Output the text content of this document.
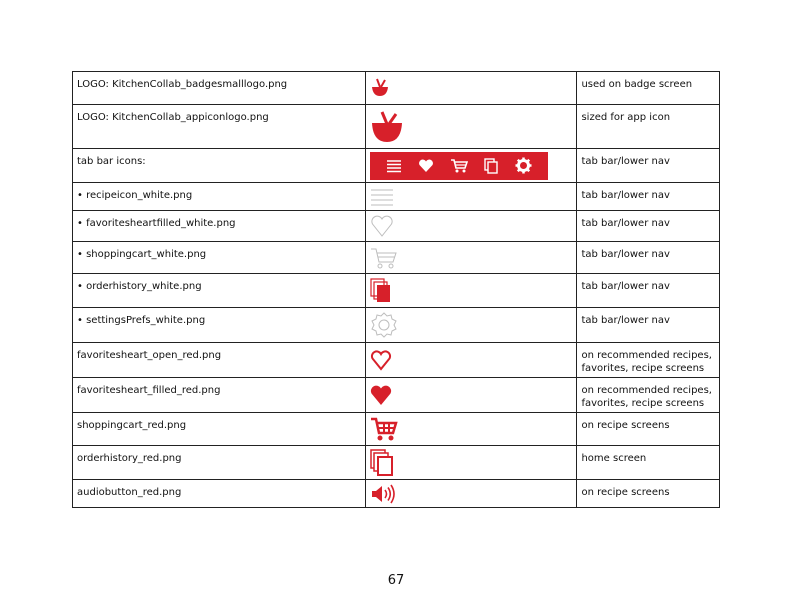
LOGO: KitchenCollab_badgesmalllogo.png		used on badge screen
LOGO: KitchenCollab_appiconlogo.png		sized for app icon
tab bar icons:		tab bar/lower nav
• recipeicon_white.png		tab bar/lower nav
• favoritesheartfilled_white.png		tab bar/lower nav
• shoppingcart_white.png		tab bar/lower nav
• orderhistory_white.png		tab bar/lower nav
• settingsPrefs_white.png		tab bar/lower nav
favoritesheart_open_red.png		on recommended recipes, favorites, recipe screens
favoritesheart_filled_red.png		on recommended recipes, favorites, recipe screens
shoppingcart_red.png		on recipe screens
orderhistory_red.png		home screen
audiobutton_red.png		on recipe screens
67
